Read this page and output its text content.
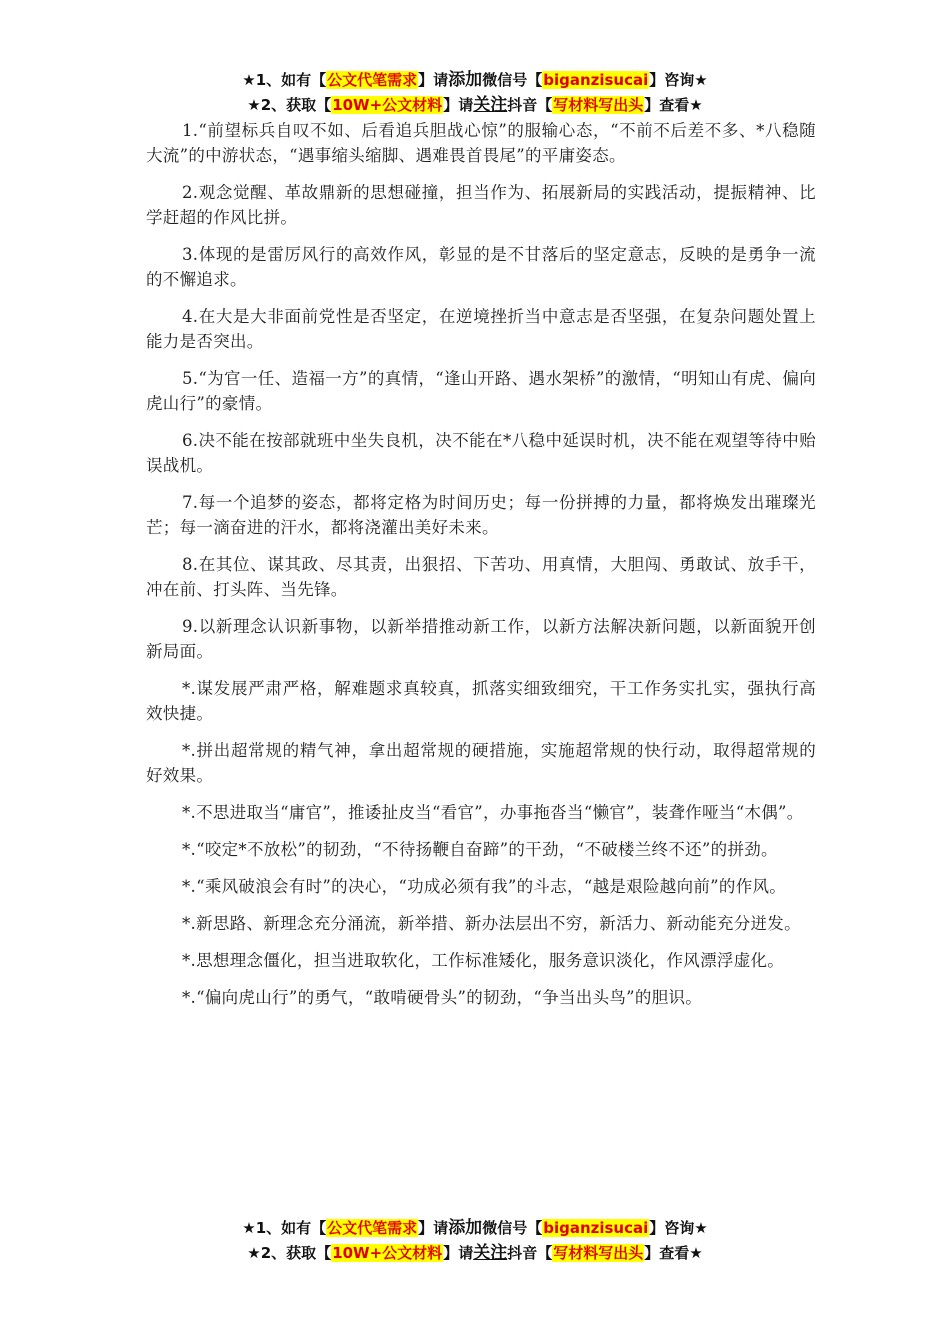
★1、如有【公文代笔需求】请添加微信号【biganzisucai】咨询★
★2、获取【10W+公文材料】请关注抖音【写材料写出头】查看★

1.“前望标兵自叹不如、后看追兵胆战心惊”的服输心态，“不前不后差不多、*八稳随大流”的中游状态，“遇事缩头缩脚、遇难畏首畏尾”的平庸姿态。

2.观念觉醒、革故鼎新的思想碰撞，担当作为、拓展新局的实践活动，提振精神、比学赶超的作风比拼。

3.体现的是雷厉风行的高效作风，彰显的是不甘落后的坚定意志，反映的是勇争一流的不懈追求。

4.在大是大非面前党性是否坚定，在逆境挫折当中意志是否坚强，在复杂问题处置上能力是否突出。

5.“为官一任、造福一方”的真情，“逢山开路、遇水架桥”的激情，“明知山有虎、偏向虎山行”的豪情。

6.决不能在按部就班中坐失良机，决不能在*八稳中延误时机，决不能在观望等待中贻误战机。

7.每一个追梦的姿态，都将定格为时间历史；每一份拼搏的力量，都将焕发出璀璨光芒；每一滴奋进的汗水，都将浇灌出美好未来。

8.在其位、谋其政、尽其责，出狠招、下苦功、用真情，大胆闯、勇敢试、放手干，冲在前、打头阵、当先锋。

9.以新理念认识新事物，以新举措推动新工作，以新方法解决新问题，以新面貌开创新局面。

*.谋发展严肃严格，解难题求真较真，抓落实细致细究，干工作务实扎实，强执行高效快捷。

*.拼出超常规的精气神，拿出超常规的硬措施，实施超常规的快行动，取得超常规的好效果。

*.不思进取当“庸官”，推诿扯皮当“看官”，办事拖沓当“懒官”，装聋作哑当“木偶”。

*.“咬定*不放松”的韧劲，“不待扬鞭自奋蹄”的干劲，“不破楼兰终不还”的拼劲。

*.“乘风破浪会有时”的决心，“功成必须有我”的斗志，“越是艰险越向前”的作风。

*.新思路、新理念充分涌流，新举措、新办法层出不穷，新活力、新动能充分迸发。

*.思想理念僵化，担当进取软化，工作标准矮化，服务意识淡化，作风漂浮虚化。

*.“偏向虎山行”的勇气，“敢啃硬骨头”的韧劲，“争当出头鸟”的胆识。

★1、如有【公文代笔需求】请添加微信号【biganzisucai】咨询★
★2、获取【10W+公文材料】请关注抖音【写材料写出头】查看★
